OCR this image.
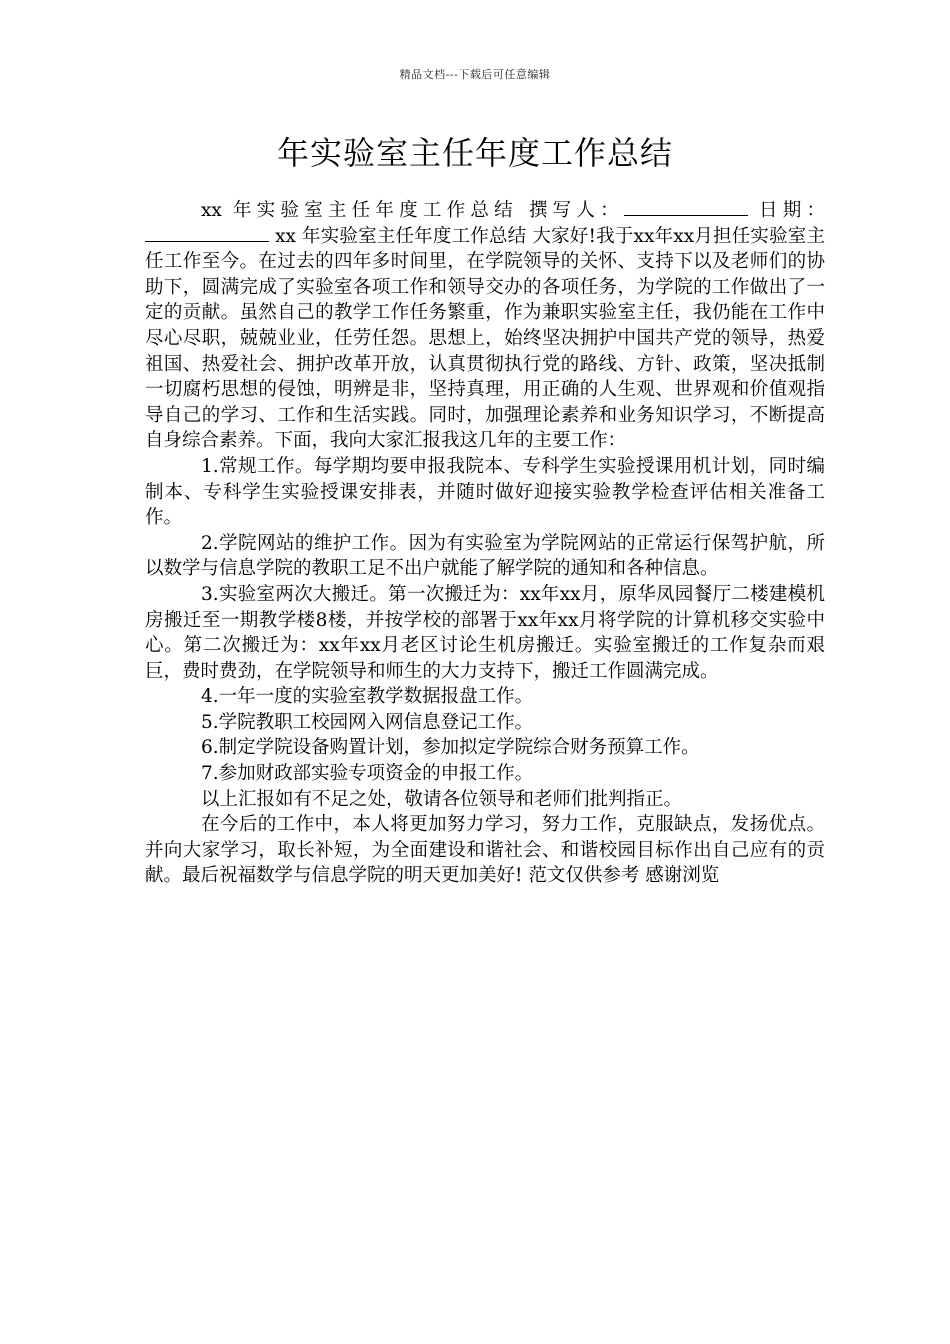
精品文档---下载后可任意编辑
年实验室主任年度工作总结

xx 年实验室主任年度工作总结 撰写人：	日期： xx 年实验室主任年度工作总结 大家好!我于xx年xx月担任实验室主任工作至今。在过去的四年多时间里，在学院领导的关怀、支持下以及老师们的协助下，圆满完成了实验室各项工作和领导交办的各项任务，为学院的工作做出了一定的贡献。虽然自己的教学工作任务繁重，作为兼职实验室主任，我仍能在工作中尽心尽职，兢兢业业，任劳任怨。思想上，始终坚决拥护中国共产党的领导，热爱祖国、热爱社会、拥护改革开放，认真贯彻执行党的路线、方针、政策，坚决抵制一切腐朽思想的侵蚀，明辨是非，坚持真理，用正确的人生观、世界观和价值观指导自己的学习、工作和生活实践。同时，加强理论素养和业务知识学习，不断提高自身综合素养。下面，我向大家汇报我这几年的主要工作：

1.常规工作。每学期均要申报我院本、专科学生实验授课用机计划，同时编制本、专科学生实验授课安排表，并随时做好迎接实验教学检查评估相关准备工作。

2.学院网站的维护工作。因为有实验室为学院网站的正常运行保驾护航，所以数学与信息学院的教职工足不出户就能了解学院的通知和各种信息。

3.实验室两次大搬迁。第一次搬迁为：xx年xx月，原华凤园餐厅二楼建模机房搬迁至一期教学楼8楼，并按学校的部署于xx年xx月将学院的计算机移交实验中心。第二次搬迁为：xx年xx月老区讨论生机房搬迁。实验室搬迁的工作复杂而艰巨，费时费劲，在学院领导和师生的大力支持下，搬迁工作圆满完成。

4.一年一度的实验室教学数据报盘工作。

5.学院教职工校园网入网信息登记工作。

6.制定学院设备购置计划，参加拟定学院综合财务预算工作。

7.参加财政部实验专项资金的申报工作。

以上汇报如有不足之处，敬请各位领导和老师们批判指正。

在今后的工作中，本人将更加努力学习，努力工作，克服缺点，发扬优点。并向大家学习，取长补短，为全面建设和谐社会、和谐校园目标作出自己应有的贡献。最后祝福数学与信息学院的明天更加美好! 范文仅供参考 感谢浏览
